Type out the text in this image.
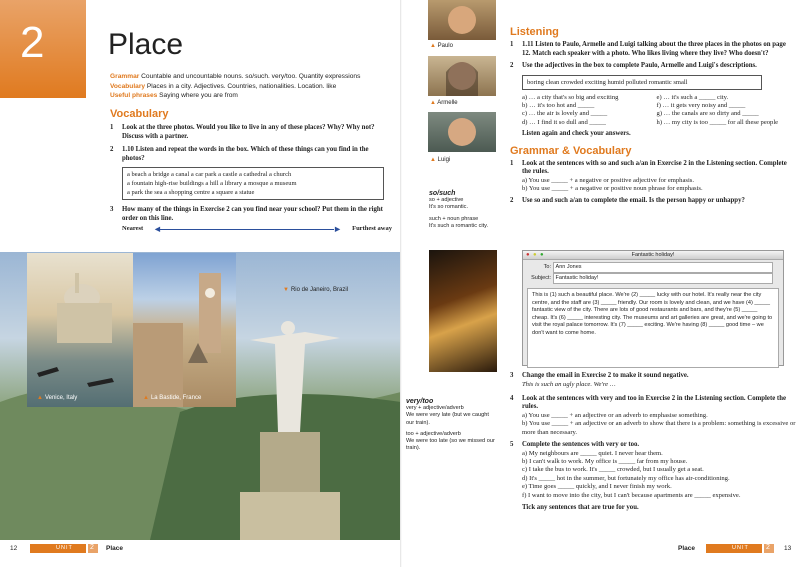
2 Place
Grammar Countable and uncountable nouns. so/such. very/too. Quantity expressions
Vocabulary Places in a city. Adjectives. Countries, nationalities. Location. like
Useful phrases Saying where you are from
Vocabulary
1 Look at the three photos. Would you like to live in any of these places? Why? Why not? Discuss with a partner.
2 1.10 Listen and repeat the words in the box. Which of these things can you find in the photos?
a beach a bridge a canal a car park a castle a cathedral a church
a fountain high-rise buildings a hill a library a mosque a museum
a park the sea a shopping centre a square a statue
3 How many of the things in Exercise 2 can you find near your school? Put them in the right order on this line.
Nearest ◀	▶ Furthest away
▲ Venice, Italy	▲ La Bastide, France
▼ Rio de Janeiro, Brazil
12	UNIT 2 Place
▲ Paulo
▲ Armelle
▲ Luigi
so/such
so + adjective
It's so romantic.
such + noun phrase
It's such a romantic city.
very/too
very + adjective/adverb
We were very late (but we caught our train).
too + adjective/adverb
We were too late (so we missed our train).
Listening
1 1.11 Listen to Paulo, Armelle and Luigi talking about the three places in the photos on page 12. Match each speaker with a photo. Who likes living where they live? Who doesn't?
2 Use the adjectives in the box to complete Paulo, Armelle and Luigi's descriptions.
boring clean crowded exciting humid polluted romantic small
a) … a city that's so big and exciting
b) … it's too hot and _____
c) … the air is lovely and _____
d) … I find it so dull and _____
e) … it's such a _____ city.
f) … it gets very noisy and _____
g) … the canals are so dirty and _____
h) … my city is too _____ for all these people
Listen again and check your answers.
Grammar & Vocabulary
1 Look at the sentences with so and such a/an in Exercise 2 in the Listening section. Complete the rules.
a) You use _____ + a negative or positive adjective for emphasis.
b) You use _____ + a negative or positive noun phrase for emphasis.
2 Use so and such a/an to complete the email. Is the person happy or unhappy?
● ● ●	Fantastic holiday!
To: Ann Jones
Subject: Fantastic holiday!
This is (1) such a beautiful place. We're (2) _____ lucky with our hotel. It's really near the city centre, and the staff are (3) _____ friendly. Our room is lovely and clean, and we have (4) _____ fantastic view of the city. There are lots of good restaurants and bars, and they're (5) _____ cheap. It's (6) _____ interesting city. The museums and art galleries are great, and we're going to visit the royal palace tomorrow. It's (7) _____ exciting. We're having (8) _____ good time – we don't want to come home.
3 Change the email in Exercise 2 to make it sound negative.
This is such an ugly place. We're …
4 Look at the sentences with very and too in Exercise 2 in the Listening section. Complete the rules.
a) You use _____ + an adjective or an adverb to emphasise something.
b) You use _____ + an adjective or an adverb to show that there is a problem: something is excessive or more than necessary.
5 Complete the sentences with very or too.
a) My neighbours are _____ quiet. I never hear them.
b) I can't walk to work. My office is _____ far from my house.
c) I take the bus to work. It's _____ crowded, but I usually get a seat.
d) It's _____ hot in the summer, but fortunately my office has air-conditioning.
e) Time goes _____ quickly, and I never finish my work.
f) I want to move into the city, but I can't because apartments are _____ expensive.
Tick any sentences that are true for you.
Place	UNIT 2 13
